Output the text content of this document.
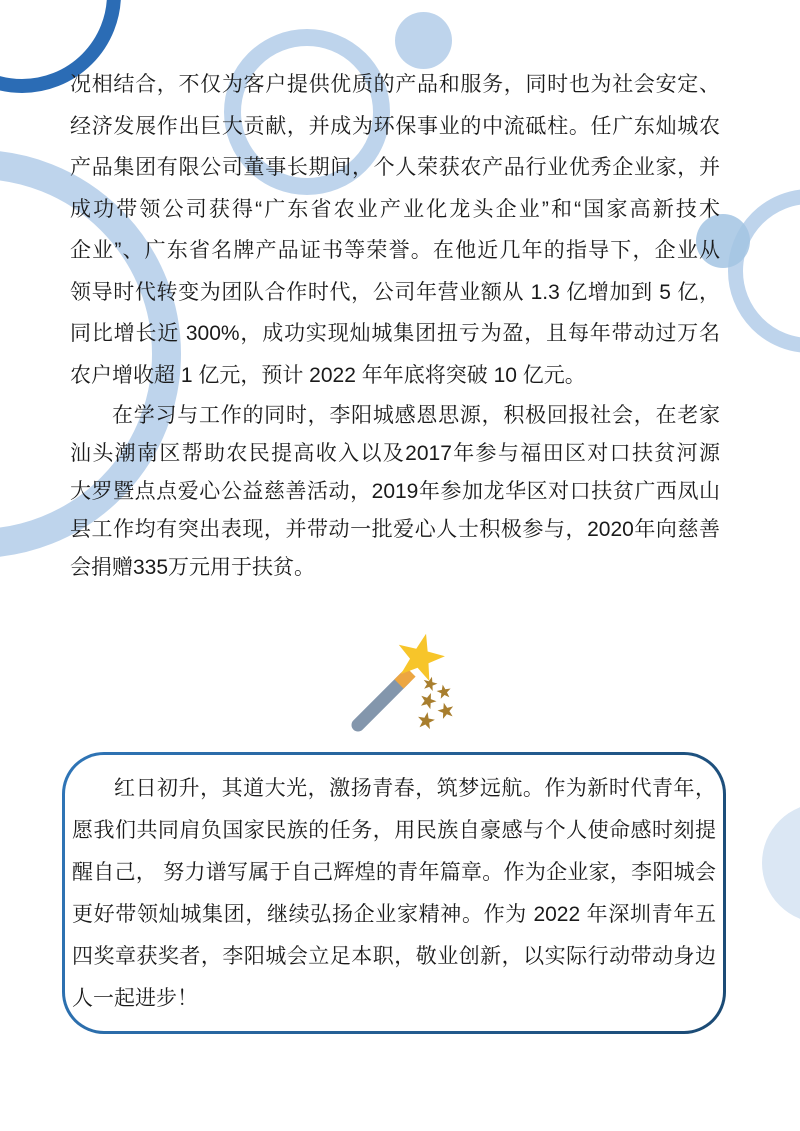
况相结合，不仅为客户提供优质的产品和服务，同时也为社会安定、
经济发展作出巨大贡献，并成为环保事业的中流砥柱。任广东灿城农
产品集团有限公司董事长期间，个人荣获农产品行业优秀企业家，并
成功带领公司获得“广东省农业产业化龙头企业”和“国家高新技术
企业”、广东省名牌产品证书等荣誉。在他近几年的指导下，企业从
领导时代转变为团队合作时代，公司年营业额从 1.3 亿增加到 5 亿，
同比增长近 300%，成功实现灿城集团扭亏为盈，且每年带动过万名
农户增收超 1 亿元，预计 2022 年年底将突破 10 亿元。
在学习与工作的同时，李阳城感恩思源，积极回报社会，在老家
汕头潮南区帮助农民提高收入以及2017年参与福田区对口扶贫河源
大罗暨点点爱心公益慈善活动，2019年参加龙华区对口扶贫广西凤山
县工作均有突出表现，并带动一批爱心人士积极参与，2020年向慈善
会捐赠335万元用于扶贫。
红日初升，其道大光，激扬青春，筑梦远航。作为新时代青年，
愿我们共同肩负国家民族的任务，用民族自豪感与个人使命感时刻提
醒自己， 努力谱写属于自己辉煌的青年篇章。作为企业家，李阳城会
更好带领灿城集团，继续弘扬企业家精神。作为 2022 年深圳青年五
四奖章获奖者，李阳城会立足本职，敬业创新，以实际行动带动身边
人一起进步！
